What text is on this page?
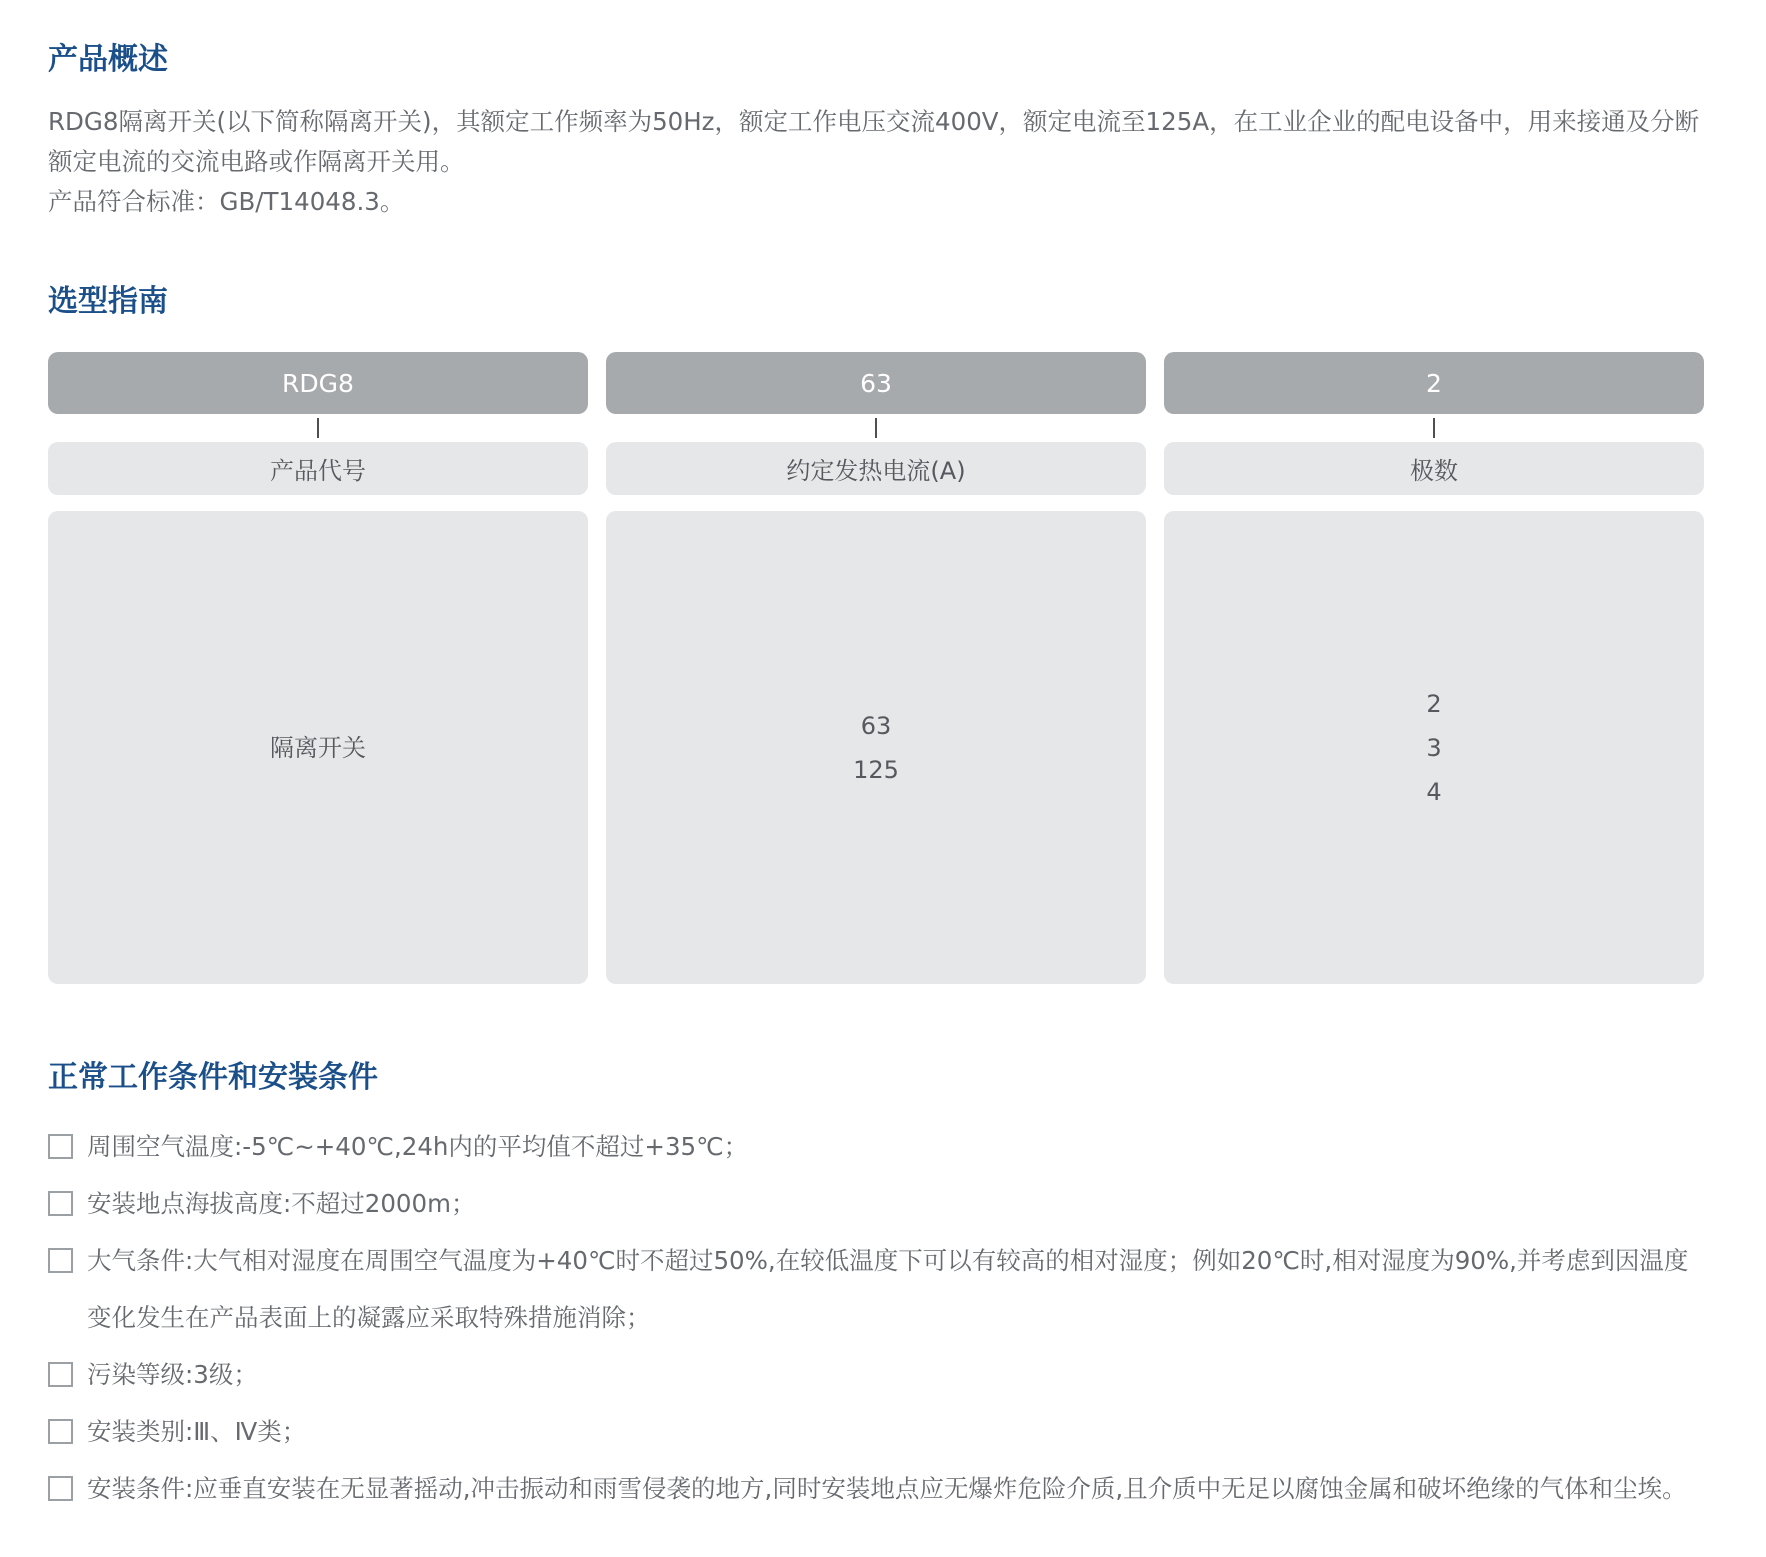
产品概述

RDG8隔离开关(以下简称隔离开关)，其额定工作频率为50Hz，额定工作电压交流400V，额定电流至125A，在工业企业的配电设备中，用来接通及分断额定电流的交流电路或作隔离开关用。

产品符合标准：GB/T14048.3。

选型指南
RDG8
产品代号
隔离开关
63
约定发热电流(A)
63
125
2
极数
2
3
4
正常工作条件和安装条件
周围空气温度:-5℃~+40℃,24h内的平均值不超过+35℃；
安装地点海拔高度:不超过2000m；
大气条件:大气相对湿度在周围空气温度为+40℃时不超过50%,在较低温度下可以有较高的相对湿度；例如20℃时,相对湿度为90%,并考虑到因温度变化发生在产品表面上的凝露应采取特殊措施消除；
污染等级:3级；
安装类别:Ⅲ、Ⅳ类；
安装条件:应垂直安装在无显著摇动,冲击振动和雨雪侵袭的地方,同时安装地点应无爆炸危险介质,且介质中无足以腐蚀金属和破坏绝缘的气体和尘埃。
